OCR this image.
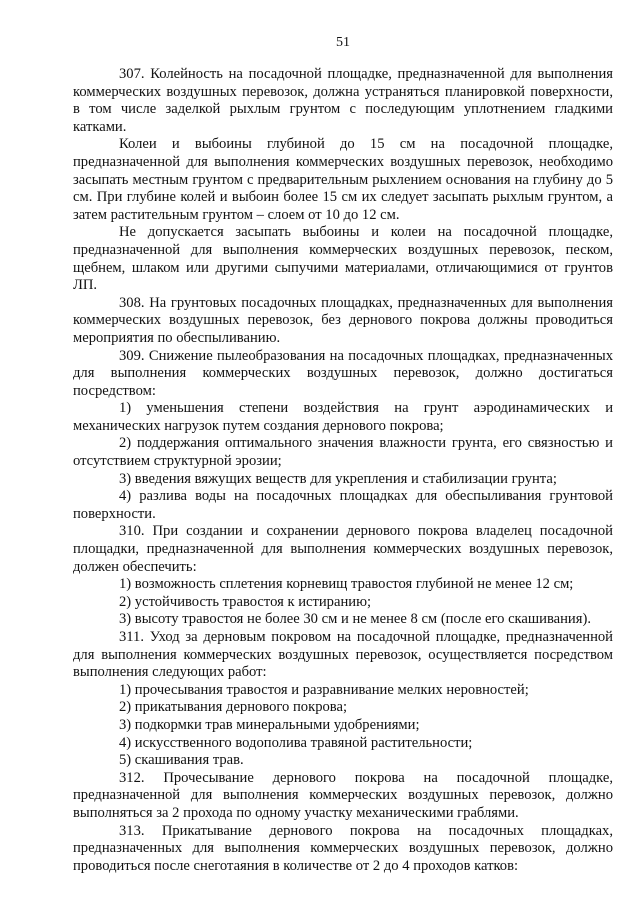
51

307. Колейность на посадочной площадке, предназначенной для выполнения коммерческих воздушных перевозок, должна устраняться планировкой поверхности, в том числе заделкой рыхлым грунтом с последующим уплотнением гладкими катками.

Колеи и выбоины глубиной до 15 см на посадочной площадке, предназначенной для выполнения коммерческих воздушных перевозок, необходимо засыпать местным грунтом с предварительным рыхлением основания на глубину до 5 см. При глубине колей и выбоин более 15 см их следует засыпать рыхлым грунтом, а затем растительным грунтом – слоем от 10 до 12 см.

Не допускается засыпать выбоины и колеи на посадочной площадке, предназначенной для выполнения коммерческих воздушных перевозок, песком, щебнем, шлаком или другими сыпучими материалами, отличающимися от грунтов ЛП.

308. На грунтовых посадочных площадках, предназначенных для выполнения коммерческих воздушных перевозок, без дернового покрова должны проводиться мероприятия по обеспыливанию.

309. Снижение пылеобразования на посадочных площадках, предназначенных для выполнения коммерческих воздушных перевозок, должно достигаться посредством:

1) уменьшения степени воздействия на грунт аэродинамических и механических нагрузок путем создания дернового покрова;

2) поддержания оптимального значения влажности грунта, его связностью и отсутствием структурной эрозии;

3) введения вяжущих веществ для укрепления и стабилизации грунта;

4) разлива воды на посадочных площадках для обеспыливания грунтовой поверхности.

310. При создании и сохранении дернового покрова владелец посадочной площадки, предназначенной для выполнения коммерческих воздушных перевозок, должен обеспечить:

1) возможность сплетения корневищ травостоя глубиной не менее 12 см;

2) устойчивость травостоя к истиранию;

3) высоту травостоя не более 30 см и не менее 8 см (после его скашивания).

311. Уход за дерновым покровом на посадочной площадке, предназначенной для выполнения коммерческих воздушных перевозок, осуществляется посредством выполнения следующих работ:

1) прочесывания травостоя и разравнивание мелких неровностей;

2) прикатывания дернового покрова;

3) подкормки трав минеральными удобрениями;

4) искусственного водополива травяной растительности;

5) скашивания трав.

312. Прочесывание дернового покрова на посадочной площадке, предназначенной для выполнения коммерческих воздушных перевозок, должно выполняться за 2 прохода по одному участку механическими граблями.

313. Прикатывание дернового покрова на посадочных площадках, предназначенных для выполнения коммерческих воздушных перевозок, должно проводиться после снеготаяния в количестве от 2 до 4 проходов катков:
